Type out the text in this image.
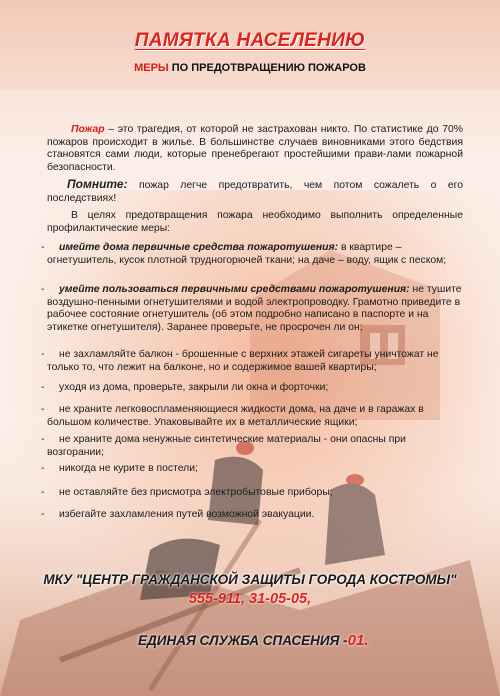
ПАМЯТКА НАСЕЛЕНИЮ
МЕРЫ ПО ПРЕДОТВРАЩЕНИЮ ПОЖАРОВ
Пожар – это трагедия, от которой не застрахован никто. По статистике до 70% пожаров происходит в жилье. В большинстве случаев виновниками этого бедствия становятся сами люди, которые пренебрегают простейшими прави-лами пожарной безопасности.
Помните: пожар легче предотвратить, чем потом сожалеть о его последствиях!
В целях предотвращения пожара необходимо выполнить определенные профилактические меры:
- имейте дома первичные средства пожаротушения: в квартире – огнетушитель, кусок плотной трудногорючей ткани; на даче – воду, ящик с песком;
- умейте пользоваться первичными средствами пожаротушения: не тушите воздушно-пенными огнетушителями и водой электропроводку. Грамотно приведите в рабочее состояние огнетушитель (об этом подробно написано в паспорте и на этикетке огнетушителя). Заранее проверьте, не просрочен ли он;
- не захламляйте балкон - брошенные с верхних этажей сигареты уничтожат не только то, что лежит на балконе, но и содержимое вашей квартиры;
- уходя из дома, проверьте, закрыли ли окна и форточки;
- не храните легковоспламеняющиеся жидкости дома, на даче и в гаражах в большом количестве. Упаковывайте их в металлические ящики;
- не храните дома ненужные синтетические материалы - они опасны при возгорании;
- никогда не курите в постели;
- не оставляйте без присмотра электробытовые приборы;
- избегайте захламления путей возможной эвакуации.
МКУ "ЦЕНТР ГРАЖДАНСКОЙ ЗАЩИТЫ ГОРОДА КОСТРОМЫ"
555-911, 31-05-05,
ЕДИНАЯ СЛУЖБА СПАСЕНИЯ -01.
